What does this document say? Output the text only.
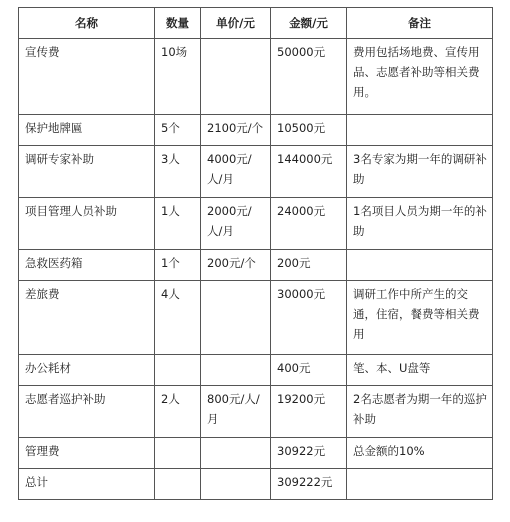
名称	数量	单价/元	金额/元	备注
宣传费	10场		50000元	费用包括场地费、宣传用品、志愿者补助等相关费用。
保护地牌匾	5个	2100元/个	10500元	
调研专家补助	3人	4000元/人/月	144000元	3名专家为期一年的调研补助
项目管理人员补助	1人	2000元/人/月	24000元	1名项目人员为期一年的补助
急救医药箱	1个	200元/个	200元	
差旅费	4人		30000元	调研工作中所产生的交通，住宿，餐费等相关费用
办公耗材			400元	笔、本、U盘等
志愿者巡护补助	2人	800元/人/月	19200元	2名志愿者为期一年的巡护补助
管理费			30922元	总金额的10%
总计			309222元	
